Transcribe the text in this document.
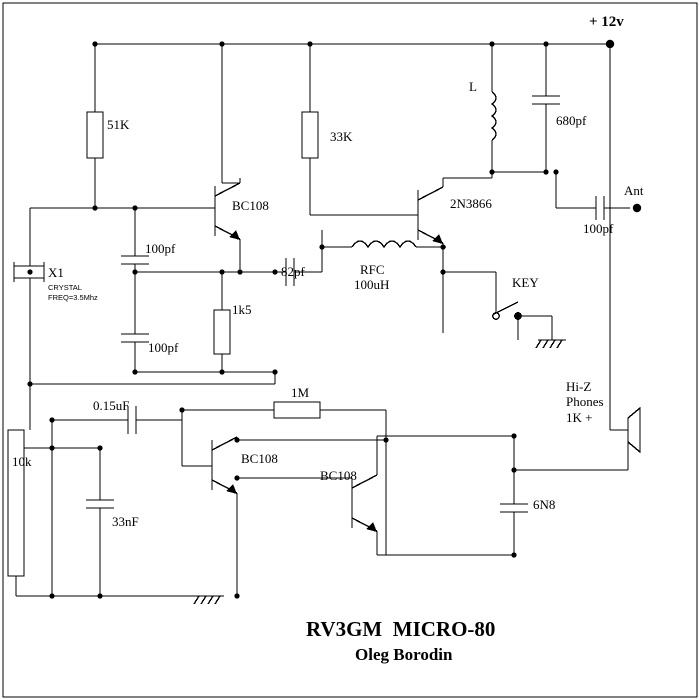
+ 12v
51K
33K
L
680pf
Ant
100pf
BC108	2N3866
100pf
100pf
1k5
82pf	RFC
100uH	KEY
X1
CRYSTAL
FREQ=3.5Mhz
Hi-Z
Phones
1K +
10k
0.15uF
1M
BC108
BC108
33nF
6N8
RV3GM  MICRO-80
Oleg Borodin
